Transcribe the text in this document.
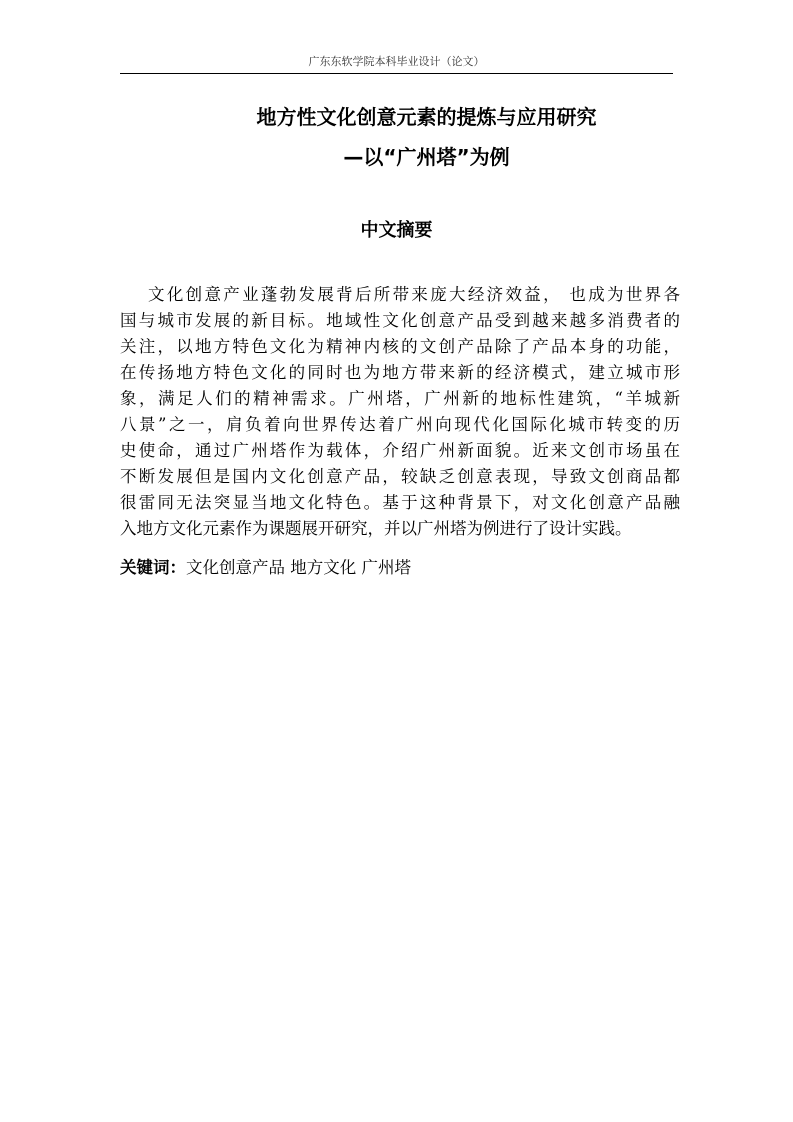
广东东软学院本科毕业设计（论文）
地方性文化创意元素的提炼与应用研究
—以“广州塔”为例
中文摘要
文化创意产业蓬勃发展背后所带来庞大经济效益， 也成为世界各
国与城市发展的新目标。地域性文化创意产品受到越来越多消费者的
关注，以地方特色文化为精神内核的文创产品除了产品本身的功能，
在传扬地方特色文化的同时也为地方带来新的经济模式，建立城市形
象，满足人们的精神需求。广州塔，广州新的地标性建筑，“羊城新
八景”之一，肩负着向世界传达着广州向现代化国际化城市转变的历
史使命，通过广州塔作为载体，介绍广州新面貌。近来文创市场虽在
不断发展但是国内文化创意产品，较缺乏创意表现，导致文创商品都
很雷同无法突显当地文化特色。基于这种背景下，对文化创意产品融
入地方文化元素作为课题展开研究，并以广州塔为例进行了设计实践。
关键词：文化创意产品 地方文化 广州塔
